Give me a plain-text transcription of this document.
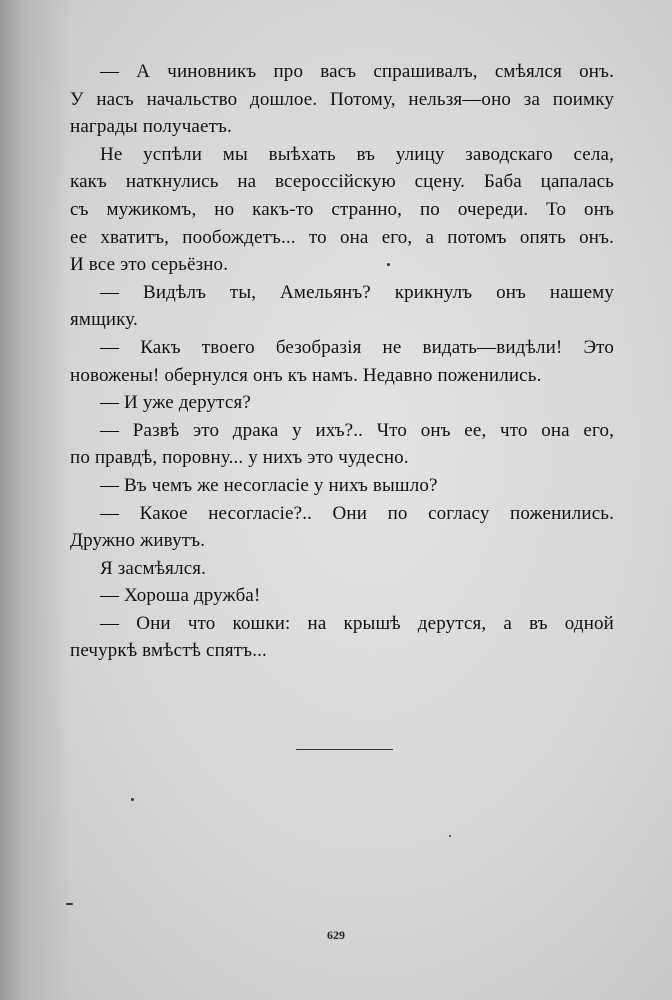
— А чиновникъ про васъ спрашивалъ, смѣялся онъ.
У насъ начальство дошлое. Потому, нельзя—оно за поимку
награды получаетъ.

Не успѣли мы выѣхать въ улицу заводскаго села,
какъ наткнулись на всероссійскую сцену. Баба цапалась
съ мужикомъ, но какъ-то странно, по очереди. То онъ
ее хватитъ, пообождетъ... то она его, а потомъ опять онъ.
И все это серьёзно.

— Видѣлъ ты, Амельянъ? крикнулъ онъ нашему
ямщику.

— Какъ твоего безобразія не видать—видѣли! Это
новожены! обернулся онъ къ намъ. Недавно поженились.

— И уже дерутся?

— Развѣ это драка у ихъ?.. Что онъ ее, что она его,
по правдѣ, поровну... у нихъ это чудесно.

— Въ чемъ же несогласіе у нихъ вышло?

— Какое несогласіе?.. Они по согласу поженились.
Дружно живутъ.

Я засмѣялся.

— Хороша дружба!

— Они что кошки: на крышѣ дерутся, а въ одной
печуркѣ вмѣстѣ спятъ...

629
